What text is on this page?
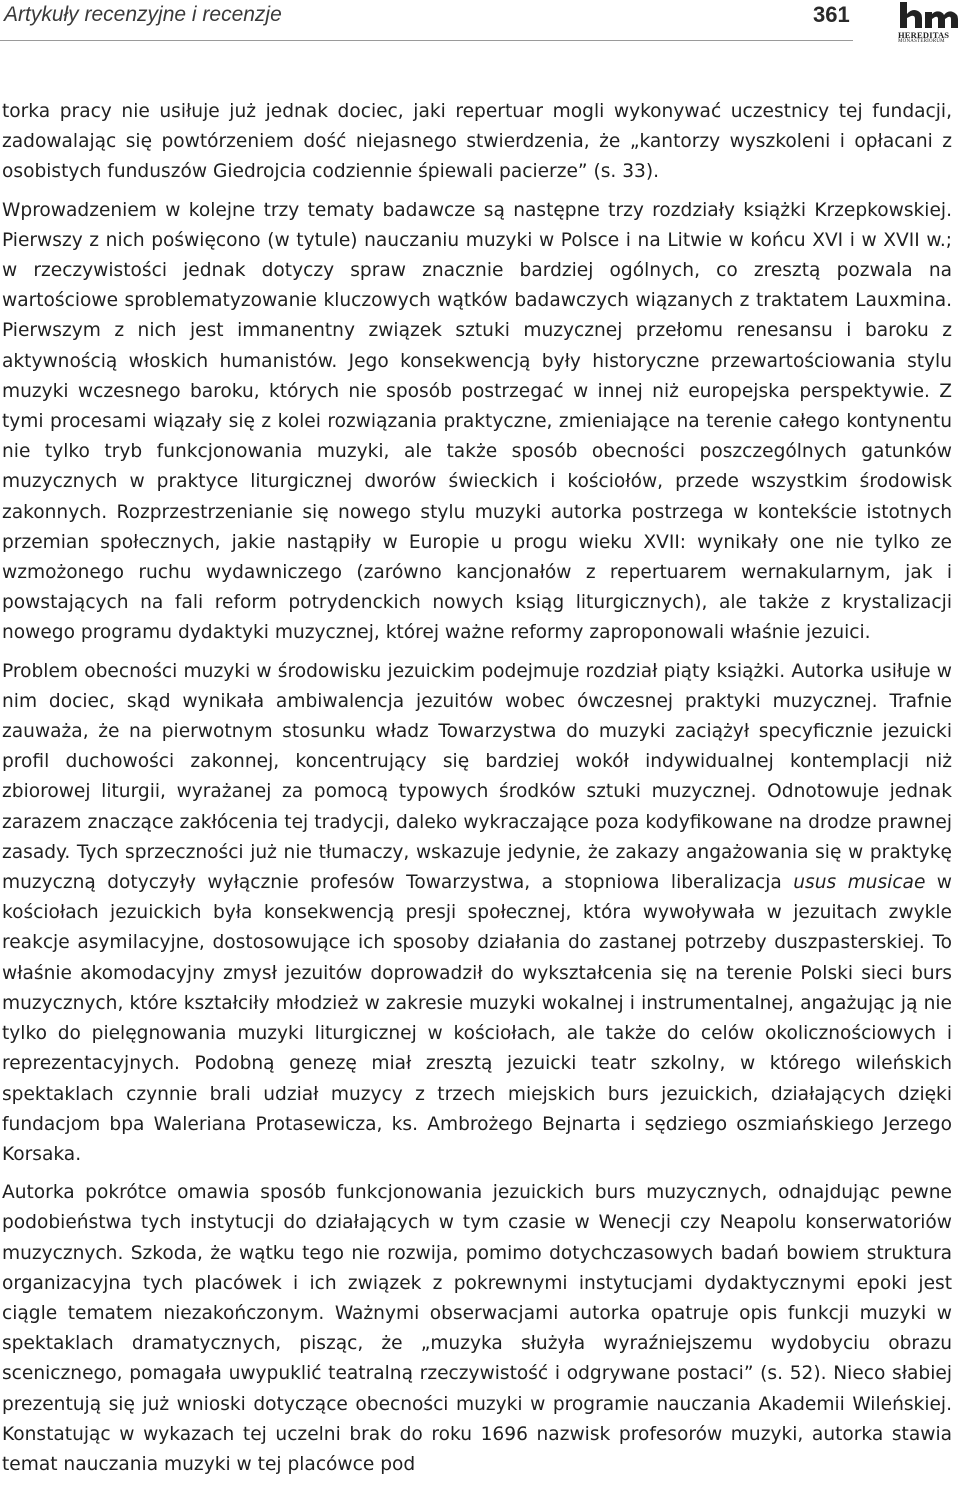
Artykuły recenzyjne i recenzje	361
HEREDITAS
MONASTERIORUM

torka pracy nie usiłuje już jednak dociec, jaki repertuar mogli wykonywać uczestnicy tej fundacji, zadowalając się powtórzeniem dość niejasnego stwierdzenia, że „kantorzy wyszkoleni i opłacani z osobistych funduszów Giedrojcia codziennie śpiewali pacierze” (s. 33).

Wprowadzeniem w kolejne trzy tematy badawcze są następne trzy rozdziały książki Krzepkowskiej. Pierwszy z nich poświęcono (w tytule) nauczaniu muzyki w Polsce i na Litwie w końcu XVI i w XVII w.; w rzeczywistości jednak dotyczy spraw znacznie bardziej ogólnych, co zresztą pozwala na wartościowe sproblematyzowanie kluczowych wątków badawczych wiązanych z traktatem Lauxmina. Pierwszym z nich jest immanentny związek sztuki muzycznej przełomu renesansu i baroku z aktywnością włoskich humanistów. Jego konsekwencją były historyczne przewartościowania stylu muzyki wczesnego baroku, których nie sposób postrzegać w innej niż europejska perspektywie. Z tymi procesami wiązały się z kolei rozwiązania praktyczne, zmieniające na terenie całego kontynentu nie tylko tryb funkcjonowania muzyki, ale także sposób obecności poszczególnych gatunków muzycznych w praktyce liturgicznej dworów świeckich i kościołów, przede wszystkim środowisk zakonnych. Rozprzestrzenianie się nowego stylu muzyki autorka postrzega w kontekście istotnych przemian społecznych, jakie nastąpiły w Europie u progu wieku XVII: wynikały one nie tylko ze wzmożonego ruchu wydawniczego (zarówno kancjonałów z repertuarem wernakularnym, jak i powstających na fali reform potrydenckich nowych ksiąg liturgicznych), ale także z krystalizacji nowego programu dydaktyki muzycznej, której ważne reformy zaproponowali właśnie jezuici.

Problem obecności muzyki w środowisku jezuickim podejmuje rozdział piąty książki. Autorka usiłuje w nim dociec, skąd wynikała ambiwalencja jezuitów wobec ówczesnej praktyki muzycznej. Trafnie zauważa, że na pierwotnym stosunku władz Towarzystwa do muzyki zaciążył specyficznie jezuicki profil duchowości zakonnej, koncentrujący się bardziej wokół indywidualnej kontemplacji niż zbiorowej liturgii, wyrażanej za pomocą typowych środków sztuki muzycznej. Odnotowuje jednak zarazem znaczące zakłócenia tej tradycji, daleko wykraczające poza kodyfikowane na drodze prawnej zasady. Tych sprzeczności już nie tłumaczy, wskazuje jedynie, że zakazy angażowania się w praktykę muzyczną dotyczyły wyłącznie profesów Towarzystwa, a stopniowa liberalizacja usus musicae w kościołach jezuickich była konsekwencją presji społecznej, która wywoływała w jezuitach zwykle reakcje asymilacyjne, dostosowujące ich sposoby działania do zastanej potrzeby duszpasterskiej. To właśnie akomodacyjny zmysł jezuitów doprowadził do wykształcenia się na terenie Polski sieci burs muzycznych, które kształciły młodzież w zakresie muzyki wokalnej i instrumentalnej, angażując ją nie tylko do pielęgnowania muzyki liturgicznej w kościołach, ale także do celów okolicznościowych i reprezentacyjnych. Podobną genezę miał zresztą jezuicki teatr szkolny, w którego wileńskich spektaklach czynnie brali udział muzycy z trzech miejskich burs jezuickich, działających dzięki fundacjom bpa Waleriana Protasewicza, ks. Ambrożego Bejnarta i sędziego oszmiańskiego Jerzego Korsaka.

Autorka pokrótce omawia sposób funkcjonowania jezuickich burs muzycznych, odnajdując pewne podobieństwa tych instytucji do działających w tym czasie w Wenecji czy Neapolu konserwatoriów muzycznych. Szkoda, że wątku tego nie rozwija, pomimo dotychczasowych badań bowiem struktura organizacyjna tych placówek i ich związek z pokrewnymi instytucjami dydaktycznymi epoki jest ciągle tematem niezakończonym. Ważnymi obserwacjami autorka opatruje opis funkcji muzyki w spektaklach dramatycznych, pisząc, że „muzyka służyła wyraźniejszemu wydobyciu obrazu scenicznego, pomagała uwypuklić teatralną rzeczywistość i odgrywane postaci” (s. 52). Nieco słabiej prezentują się już wnioski dotyczące obecności muzyki w programie nauczania Akademii Wileńskiej. Konstatując w wykazach tej uczelni brak do roku 1696 nazwisk profesorów muzyki, autorka stawia temat nauczania muzyki w tej placówce pod
